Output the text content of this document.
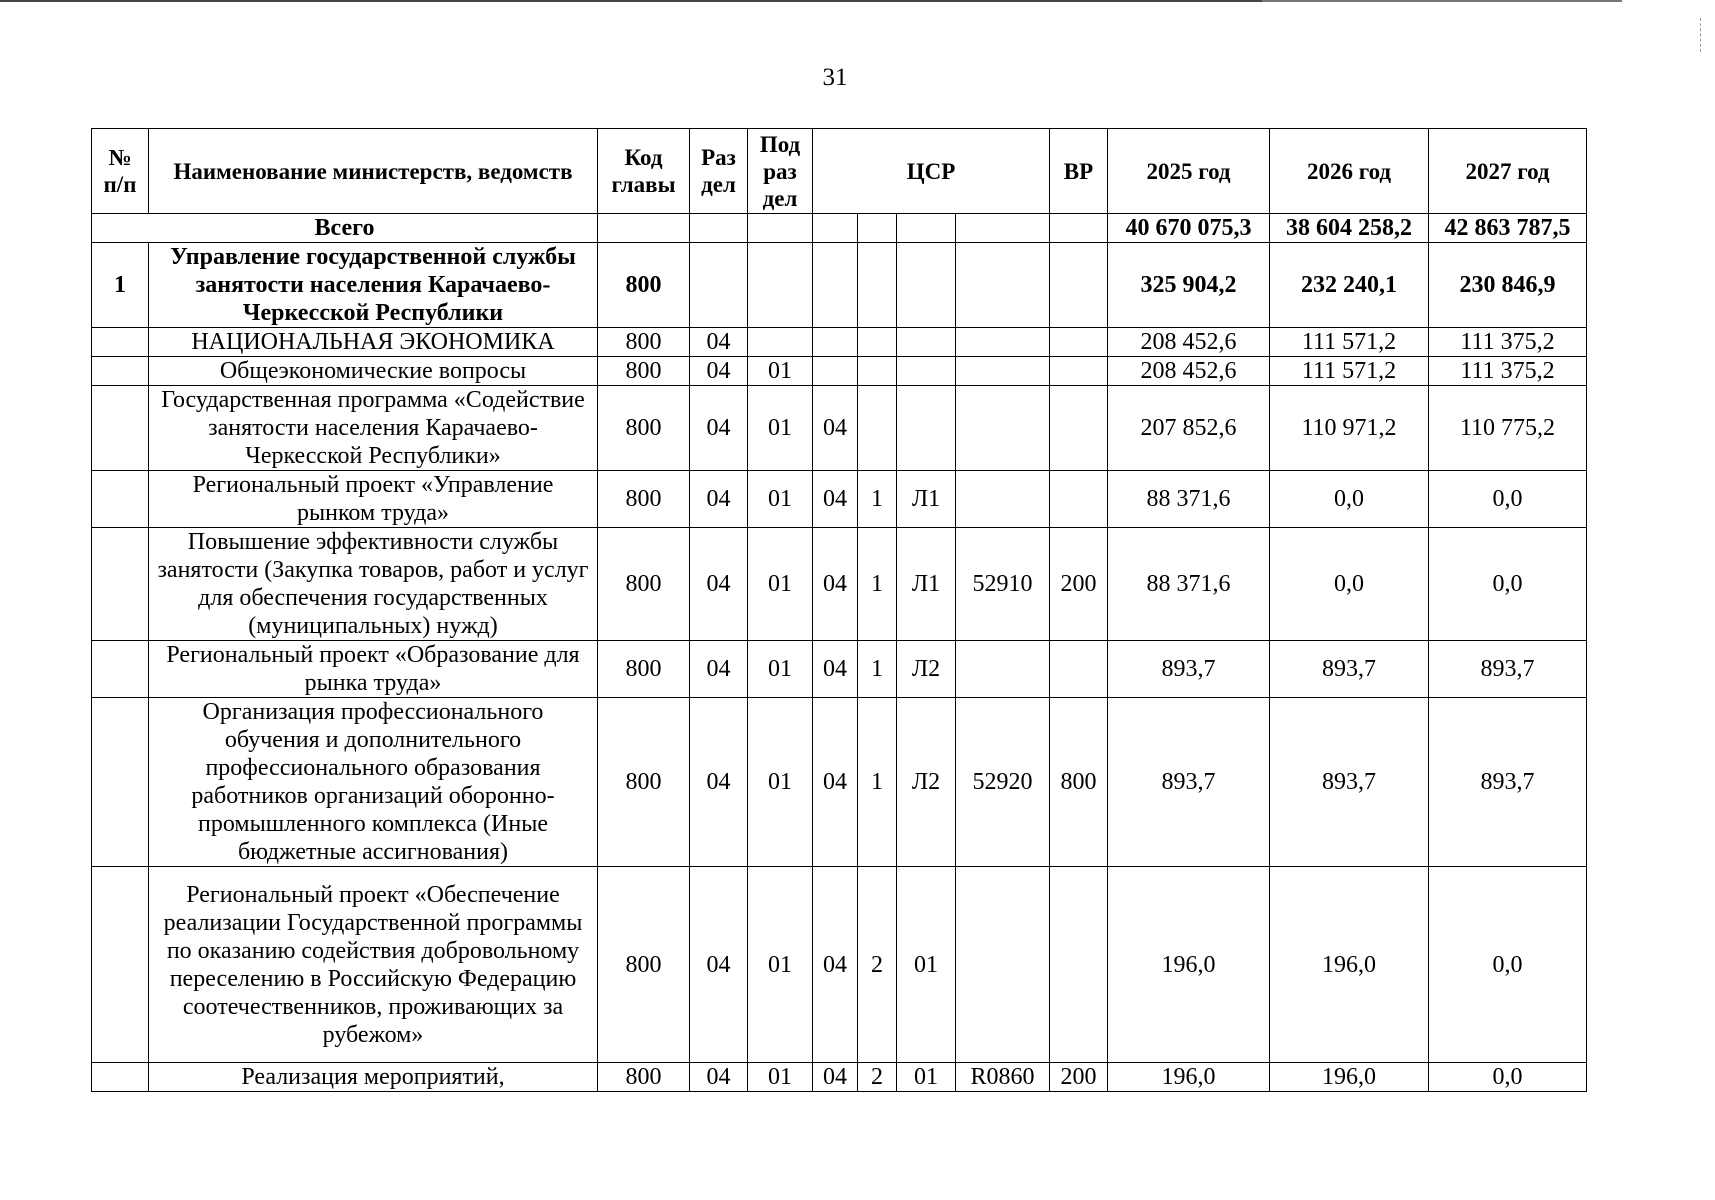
31
№ п/п	Наименование министерств, ведомств	Код главы	Раз дел	Под раз дел	ЦСР				ВР	2025 год	2026 год	2027 год
Всего										40 670 075,3	38 604 258,2	42 863 787,5
1	Управление государственной службы занятости населения Карачаево-Черкесской Республики	800								325 904,2	232 240,1	230 846,9
	НАЦИОНАЛЬНАЯ ЭКОНОМИКА	800	04							208 452,6	111 571,2	111 375,2
	Общеэкономические вопросы	800	04	01						208 452,6	111 571,2	111 375,2
	Государственная программа «Содействие занятости населения Карачаево-Черкесской Республики»	800	04	01	04					207 852,6	110 971,2	110 775,2
	Региональный проект «Управление рынком труда»	800	04	01	04	1	Л1			88 371,6	0,0	0,0
	Повышение эффективности службы занятости (Закупка товаров, работ и услуг для обеспечения государственных (муниципальных) нужд)	800	04	01	04	1	Л1	52910	200	88 371,6	0,0	0,0
	Региональный проект «Образование для рынка труда»	800	04	01	04	1	Л2			893,7	893,7	893,7
	Организация профессионального обучения и дополнительного профессионального образования работников организаций оборонно-промышленного комплекса (Иные бюджетные ассигнования)	800	04	01	04	1	Л2	52920	800	893,7	893,7	893,7
	Региональный проект «Обеспечение реализации Государственной программы по оказанию содействия добровольному переселению в Российскую Федерацию соотечественников, проживающих за рубежом»	800	04	01	04	2	01			196,0	196,0	0,0
	Реализация мероприятий,	800	04	01	04	2	01	R0860	200	196,0	196,0	0,0
